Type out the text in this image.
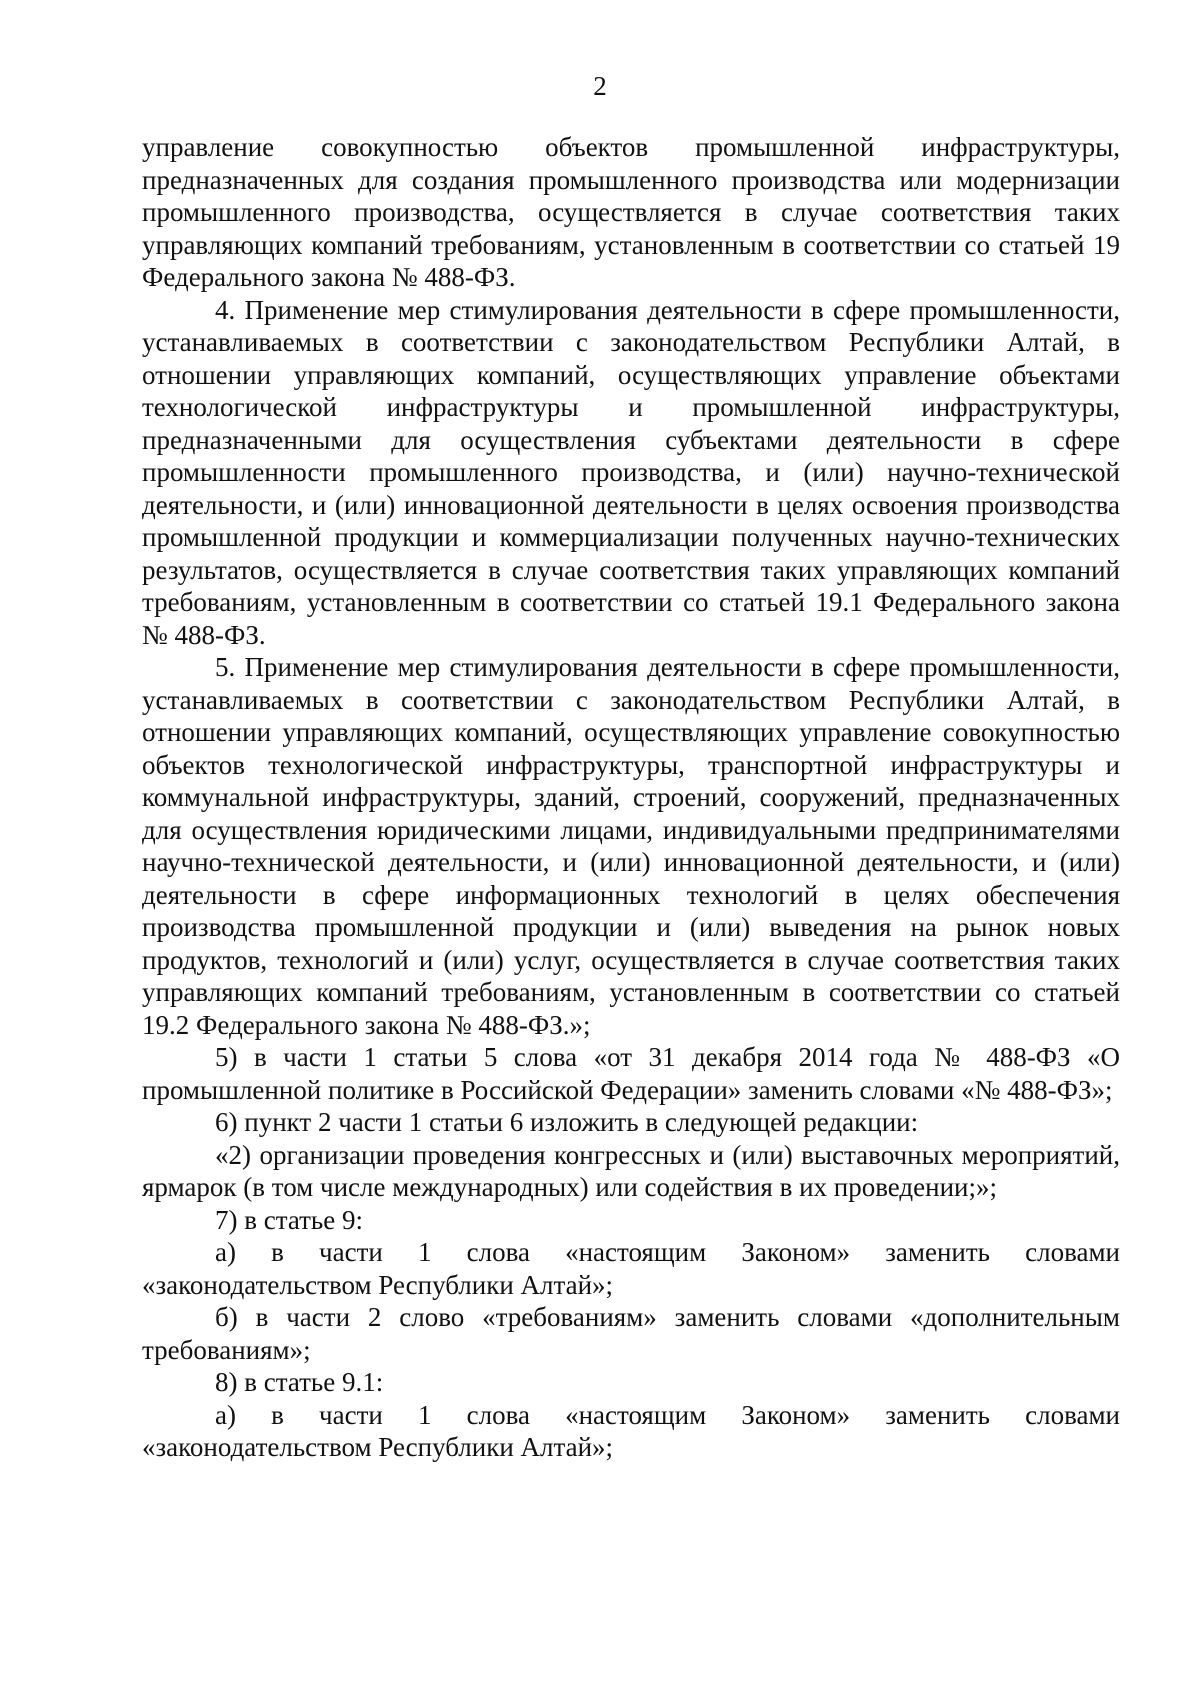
2

управление совокупностью объектов промышленной инфраструктуры, предназначенных для создания промышленного производства или модернизации промышленного производства, осуществляется в случае соответствия таких управляющих компаний требованиям, установленным в соответствии со статьей 19 Федерального закона № 488-ФЗ.

4. Применение мер стимулирования деятельности в сфере промышленности, устанавливаемых в соответствии с законодательством Республики Алтай, в отношении управляющих компаний, осуществляющих управление объектами технологической инфраструктуры и промышленной инфраструктуры, предназначенными для осуществления субъектами деятельности в сфере промышленности промышленного производства, и (или) научно-технической деятельности, и (или) инновационной деятельности в целях освоения производства промышленной продукции и коммерциализации полученных научно-технических результатов, осуществляется в случае соответствия таких управляющих компаний требованиям, установленным в соответствии со статьей 19.1 Федерального закона № 488-ФЗ.

5. Применение мер стимулирования деятельности в сфере промышленности, устанавливаемых в соответствии с законодательством Республики Алтай, в отношении управляющих компаний, осуществляющих управление совокупностью объектов технологической инфраструктуры, транспортной инфраструктуры и коммунальной инфраструктуры, зданий, строений, сооружений, предназначенных для осуществления юридическими лицами, индивидуальными предпринимателями научно-технической деятельности, и (или) инновационной деятельности, и (или) деятельности в сфере информационных технологий в целях обеспечения производства промышленной продукции и (или) выведения на рынок новых продуктов, технологий и (или) услуг, осуществляется в случае соответствия таких управляющих компаний требованиям, установленным в соответствии со статьей 19.2 Федерального закона № 488-ФЗ.»;

5) в части 1 статьи 5 слова «от 31 декабря 2014 года № 488-ФЗ «О промышленной политике в Российской Федерации» заменить словами «№ 488-ФЗ»;

6) пункт 2 части 1 статьи 6 изложить в следующей редакции:

«2) организации проведения конгрессных и (или) выставочных мероприятий, ярмарок (в том числе международных) или содействия в их проведении;»;

7) в статье 9:

а) в части 1 слова «настоящим Законом» заменить словами «законодательством Республики Алтай»;

б) в части 2 слово «требованиям» заменить словами «дополнительным требованиям»;

8) в статье 9.1:

а) в части 1 слова «настоящим Законом» заменить словами «законодательством Республики Алтай»;
